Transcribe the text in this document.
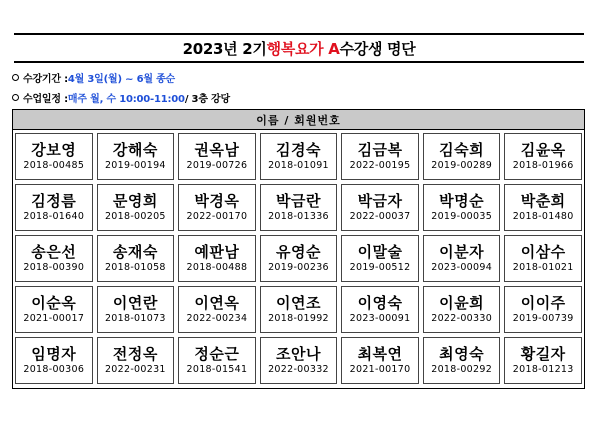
2023년 2기 행복요가 A 수강생 명단
수강기간 : 4월 3일(월) ~ 6월 종순
수업일정 : 매주 월, 수 10:00-11:00 / 3층 강당
이름 / 회원번호
강보영
2018-00485
강해숙
2019-00194
권옥남
2019-00726
김경숙
2018-01091
김금복
2022-00195
김숙희
2019-00289
김윤옥
2018-01966
김정름
2018-01640
문영희
2018-00205
박경옥
2022-00170
박금란
2018-01336
박금자
2022-00037
박명순
2019-00035
박춘희
2018-01480
송은선
2018-00390
송재숙
2018-01058
예판남
2018-00488
유영순
2019-00236
이말술
2019-00512
이분자
2023-00094
이삼수
2018-01021
이순옥
2021-00017
이연란
2018-01073
이연옥
2022-00234
이연조
2018-01992
이영숙
2023-00091
이윤희
2022-00330
이이주
2019-00739
임명자
2018-00306
전정옥
2022-00231
정순근
2018-01541
조안나
2022-00332
최복연
2021-00170
최영숙
2018-00292
황길자
2018-01213
